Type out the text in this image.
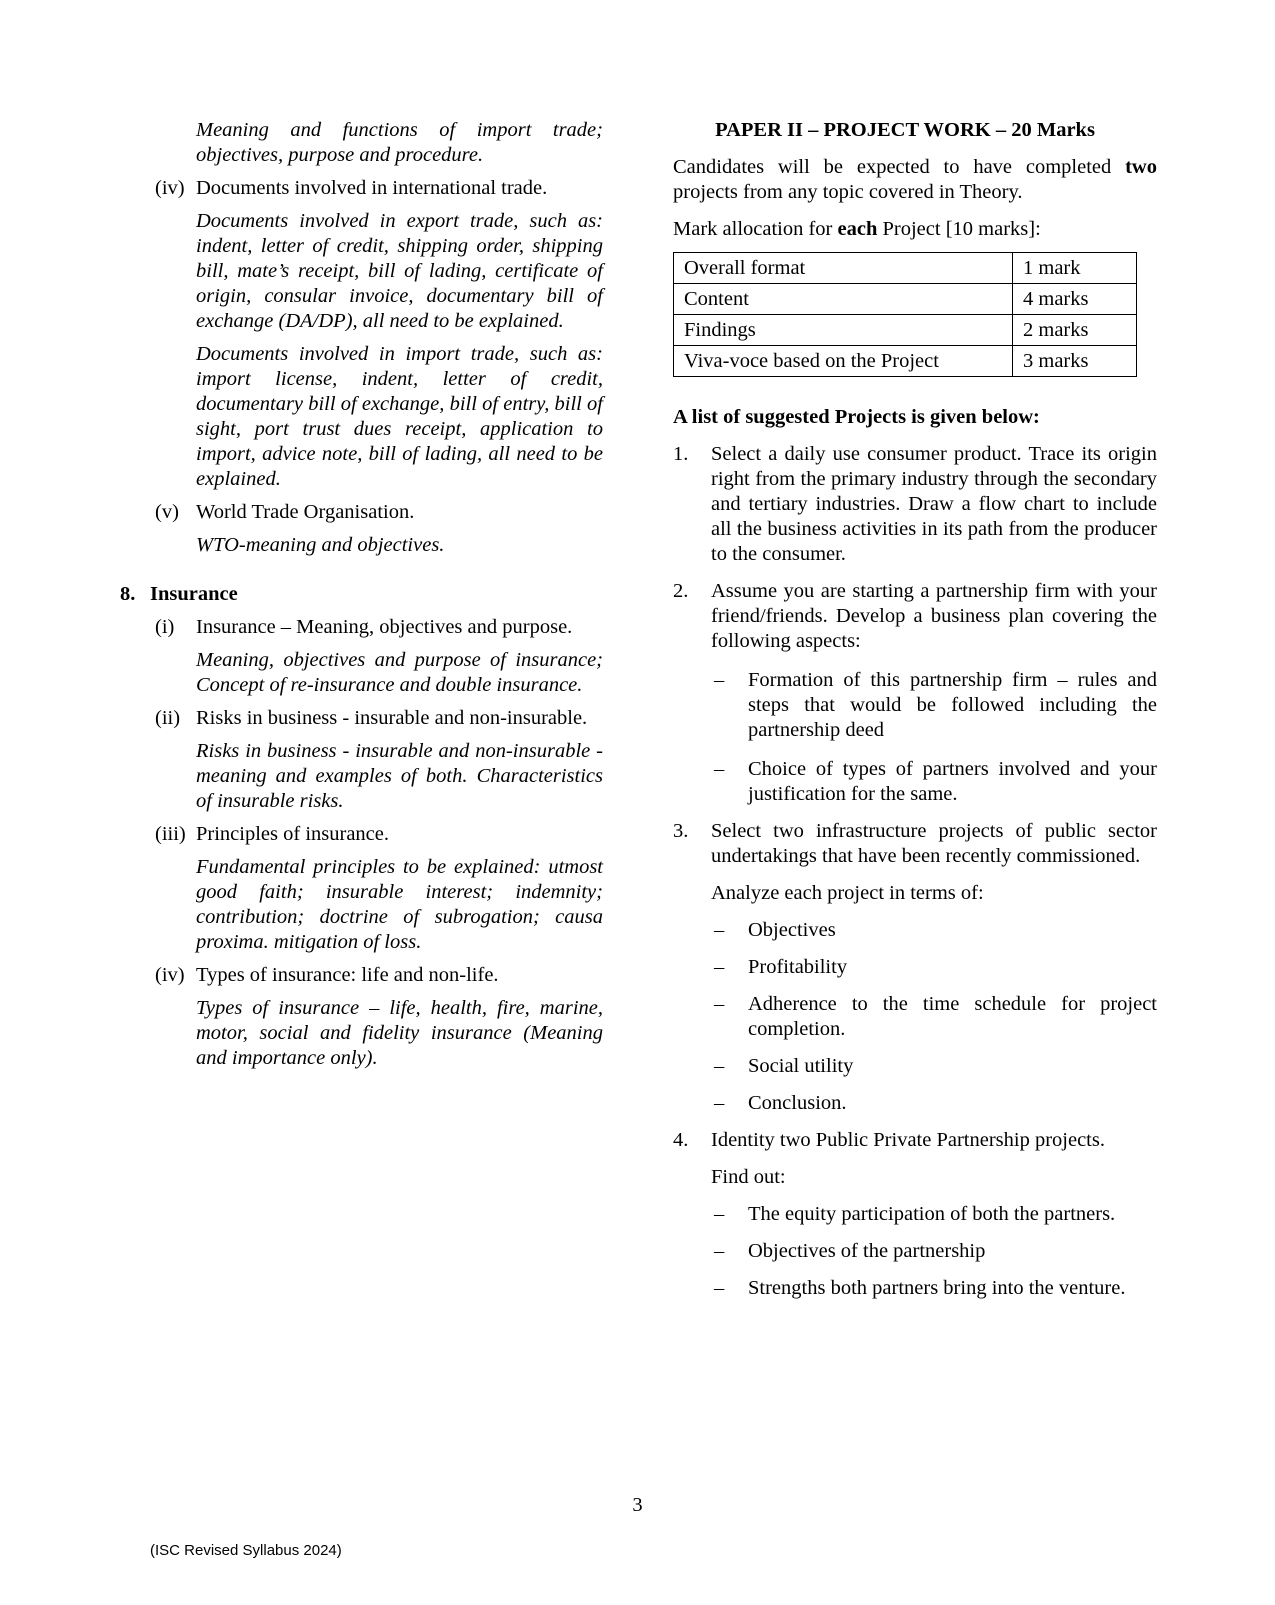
Meaning and functions of import trade; objectives, purpose and procedure.

(iv) Documents involved in international trade.

Documents involved in export trade, such as: indent, letter of credit, shipping order, shipping bill, mate’s receipt, bill of lading, certificate of origin, consular invoice, documentary bill of exchange (DA/DP), all need to be explained.

Documents involved in import trade, such as: import license, indent, letter of credit, documentary bill of exchange, bill of entry, bill of sight, port trust dues receipt, application to import, advice note, bill of lading, all need to be explained.

(v) World Trade Organisation.

WTO-meaning and objectives.

8. Insurance
(i) Insurance – Meaning, objectives and purpose.

Meaning, objectives and purpose of insurance; Concept of re-insurance and double insurance.

(ii) Risks in business - insurable and non-insurable.

Risks in business - insurable and non-insurable - meaning and examples of both. Characteristics of insurable risks.

(iii) Principles of insurance.

Fundamental principles to be explained: utmost good faith; insurable interest; indemnity; contribution; doctrine of subrogation; causa proxima. mitigation of loss.

(iv) Types of insurance: life and non-life.

Types of insurance – life, health, fire, marine, motor, social and fidelity insurance (Meaning and importance only).

PAPER II – PROJECT WORK – 20 Marks

Candidates will be expected to have completed two projects from any topic covered in Theory.

Mark allocation for each Project [10 marks]:

Overall format	1 mark
Content	4 marks
Findings	2 marks
Viva-voce based on the Project	3 marks

A list of suggested Projects is given below:

1. Select a daily use consumer product. Trace its origin right from the primary industry through the secondary and tertiary industries. Draw a flow chart to include all the business activities in its path from the producer to the consumer.

2. Assume you are starting a partnership firm with your friend/friends. Develop a business plan covering the following aspects:

– Formation of this partnership firm – rules and steps that would be followed including the partnership deed

– Choice of types of partners involved and your justification for the same.

3. Select two infrastructure projects of public sector undertakings that have been recently commissioned.

Analyze each project in terms of:

– Objectives

– Profitability

– Adherence to the time schedule for project completion.

– Social utility

– Conclusion.

4. Identity two Public Private Partnership projects.

Find out:

– The equity participation of both the partners.

– Objectives of the partnership

– Strengths both partners bring into the venture.

3
(ISC Revised Syllabus 2024)
